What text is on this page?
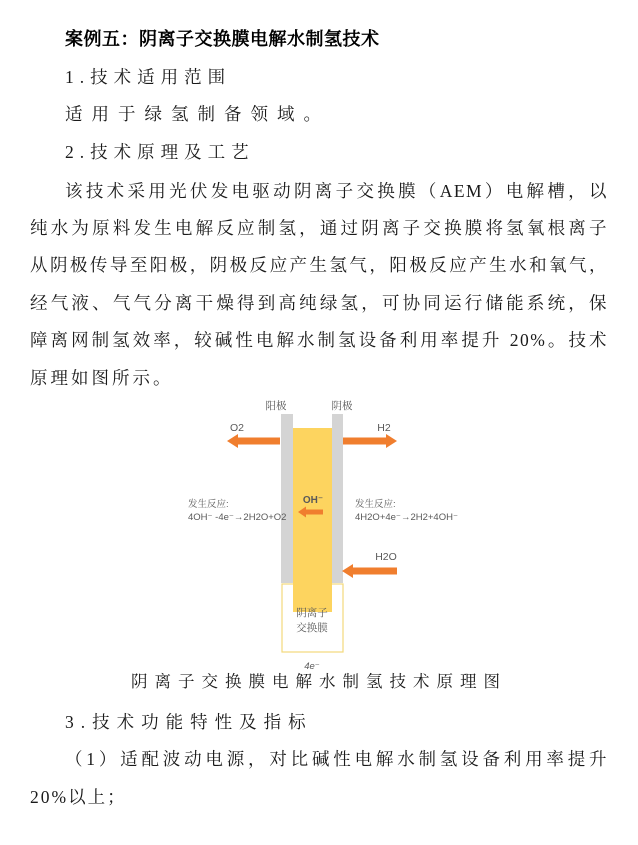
案例五：阴离子交换膜电解水制氢技术
1.技术适用范围
适用于绿氢制备领域。
2.技术原理及工艺
该技术采用光伏发电驱动阴离子交换膜（AEM）电解槽，以
纯水为原料发生电解反应制氢，通过阴离子交换膜将氢氧根离子
从阴极传导至阳极，阴极反应产生氢气，阳极反应产生水和氧气，
经气液、气气分离干燥得到高纯绿氢，可协同运行储能系统，保
障离网制氢效率，较碱性电解水制氢设备利用率提升 20%。技术
原理如图所示。
阳极	阴极
O2	H2
OH⁻
发生反应:
4OH⁻ -4e⁻→2H2O+O2
发生反应:
4H2O+4e⁻→2H2+4OH⁻
H2O
阴离子
交换膜
4e⁻
阴离子交换膜电解水制氢技术原理图
3.技术功能特性及指标
（1）适配波动电源，对比碱性电解水制氢设备利用率提升
20%以上；
